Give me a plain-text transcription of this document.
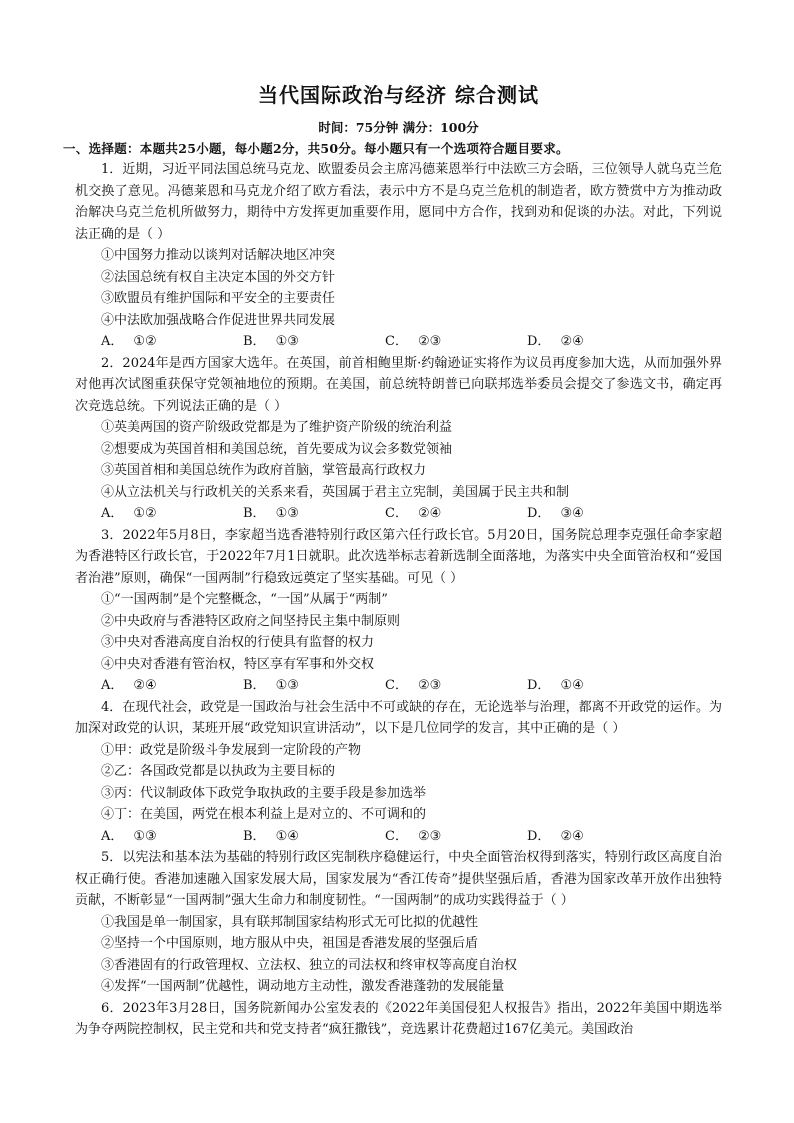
当代国际政治与经济 综合测试
时间：75分钟 满分：100分
一、选择题：本题共25小题，每小题2分，共50分。每小题只有一个选项符合题目要求。

1．近期，习近平同法国总统马克龙、欧盟委员会主席冯德莱恩举行中法欧三方会晤，三位领导人就乌克兰危机交换了意见。冯德莱恩和马克龙介绍了欧方看法，表示中方不是乌克兰危机的制造者，欧方赞赏中方为推动政治解决乌克兰危机所做努力，期待中方发挥更加重要作用，愿同中方合作，找到劝和促谈的办法。对此，下列说法正确的是（ ）

①中国努力推动以谈判对话解决地区冲突
②法国总统有权自主决定本国的外交方针
③欧盟员有维护国际和平安全的主要责任
④中法欧加强战略合作促进世界共同发展
A． ①②	B． ①③	C． ②③	D． ②④

2．2024年是西方国家大选年。在英国，前首相鲍里斯·约翰逊证实将作为议员再度参加大选，从而加强外界对他再次试图重获保守党领袖地位的预期。在美国，前总统特朗普已向联邦选举委员会提交了参选文书，确定再次竞选总统。下列说法正确的是（ ）

①英美两国的资产阶级政党都是为了维护资产阶级的统治利益
②想要成为英国首相和美国总统，首先要成为议会多数党领袖
③英国首相和美国总统作为政府首脑，掌管最高行政权力
④从立法机关与行政机关的关系来看，英国属于君主立宪制，美国属于民主共和制
A． ①②	B． ①③	C． ②④	D． ③④

3．2022年5月8日，李家超当选香港特别行政区第六任行政长官。5月20日，国务院总理李克强任命李家超为香港特区行政长官，于2022年7月1日就职。此次选举标志着新选制全面落地，为落实中央全面管治权和“爱国者治港”原则，确保“一国两制”行稳致远奠定了坚实基础。可见（ ）

①“一国两制”是个完整概念，“一国”从属于“两制”
②中央政府与香港特区政府之间坚持民主集中制原则
③中央对香港高度自治权的行使具有监督的权力
④中央对香港有管治权，特区享有军事和外交权
A． ②④	B． ①③	C． ②③	D． ①④

4．在现代社会，政党是一国政治与社会生活中不可或缺的存在，无论选举与治理，都离不开政党的运作。为加深对政党的认识，某班开展“政党知识宣讲活动”，以下是几位同学的发言，其中正确的是（ ）

①甲：政党是阶级斗争发展到一定阶段的产物
②乙：各国政党都是以执政为主要目标的
③丙：代议制政体下政党争取执政的主要手段是参加选举
④丁：在美国，两党在根本利益上是对立的、不可调和的
A． ①③	B． ①④	C． ②③	D． ②④

5．以宪法和基本法为基础的特别行政区宪制秩序稳健运行，中央全面管治权得到落实，特别行政区高度自治权正确行使。香港加速融入国家发展大局，国家发展为“香江传奇”提供坚强后盾，香港为国家改革开放作出独特贡献，不断彰显“一国两制”强大生命力和制度韧性。“一国两制”的成功实践得益于（ ）

①我国是单一制国家，具有联邦制国家结构形式无可比拟的优越性
②坚持一个中国原则，地方服从中央，祖国是香港发展的坚强后盾
③香港固有的行政管理权、立法权、独立的司法权和终审权等高度自治权
④发挥“一国两制”优越性，调动地方主动性，激发香港蓬勃的发展能量

6．2023年3月28日，国务院新闻办公室发表的《2022年美国侵犯人权报告》指出，2022年美国中期选举为争夺两院控制权，民主党和共和党支持者“疯狂撒钱”，竞选累计花费超过167亿美元。美国政治
